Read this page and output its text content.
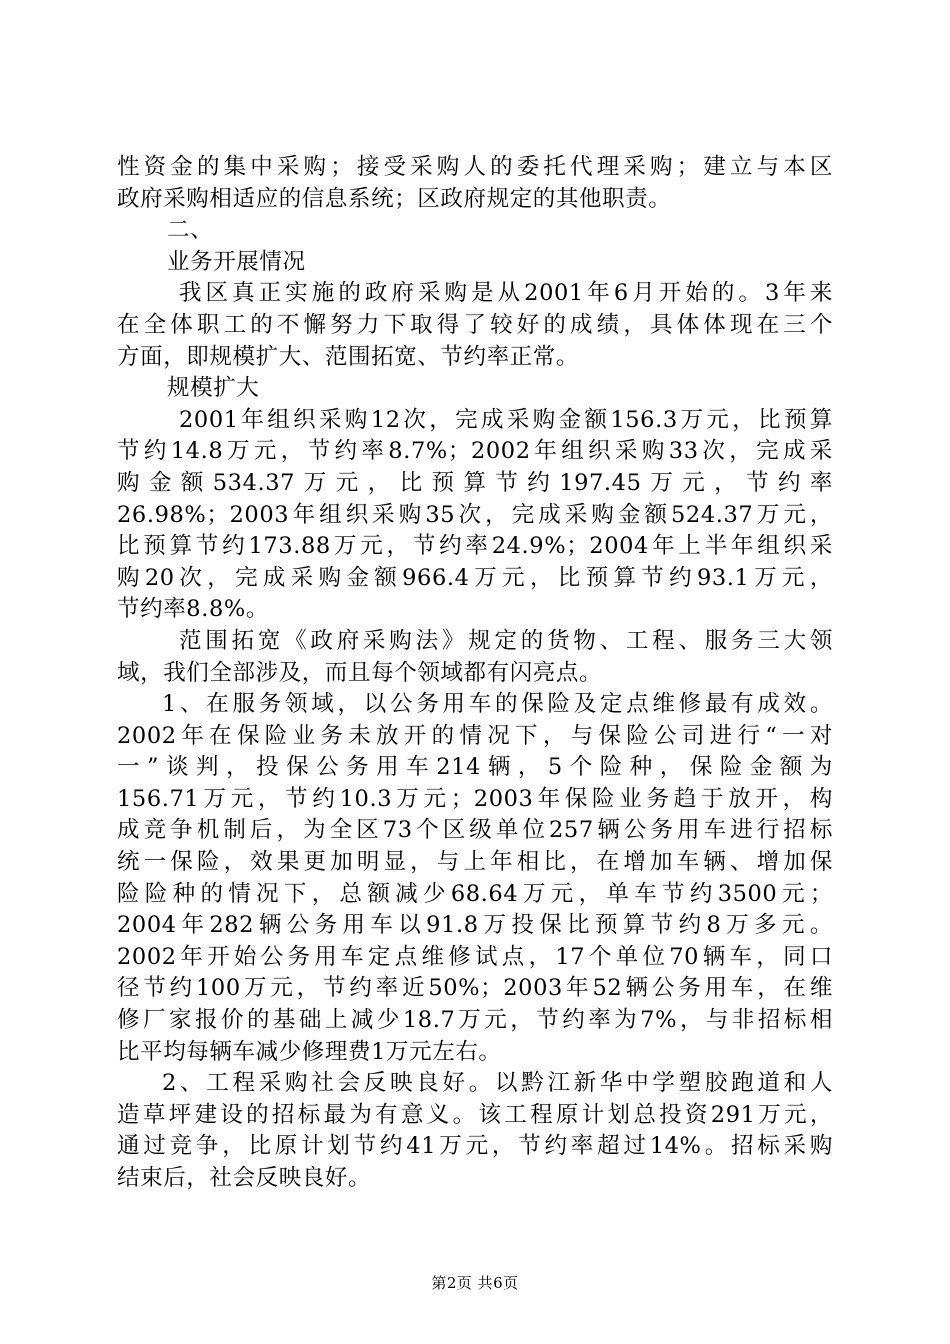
性资金的集中采购；接受采购人的委托代理采购；建立与本区
政府采购相适应的信息系统；区政府规定的其他职责。
二、
业务开展情况
我区真正实施的政府采购是从2001年6月开始的。3年来
在全体职工的不懈努力下取得了较好的成绩，具体体现在三个
方面，即规模扩大、范围拓宽、节约率正常。
规模扩大
2001年组织采购12次，完成采购金额156.3万元，比预算
节约14.8万元，节约率8.7%；2002年组织采购33次，完成采
购金额534.37万元，比预算节约197.45万元，节约率
26.98%；2003年组织采购35次，完成采购金额524.37万元，
比预算节约173.88万元，节约率24.9%；2004年上半年组织采
购20次，完成采购金额966.4万元，比预算节约93.1万元，
节约率8.8%。
范围拓宽《政府采购法》规定的货物、工程、服务三大领
域，我们全部涉及，而且每个领域都有闪亮点。
1、在服务领域，以公务用车的保险及定点维修最有成效。
2002年在保险业务未放开的情况下，与保险公司进行“一对
一”谈判，投保公务用车214辆，5个险种，保险金额为
156.71万元，节约10.3万元；2003年保险业务趋于放开，构
成竞争机制后，为全区73个区级单位257辆公务用车进行招标
统一保险，效果更加明显，与上年相比，在增加车辆、增加保
险险种的情况下，总额减少68.64万元，单车节约3500元；
2004年282辆公务用车以91.8万投保比预算节约8万多元。
2002年开始公务用车定点维修试点，17个单位70辆车，同口
径节约100万元，节约率近50%；2003年52辆公务用车，在维
修厂家报价的基础上减少18.7万元，节约率为7%，与非招标相
比平均每辆车减少修理费1万元左右。
2、工程采购社会反映良好。以黔江新华中学塑胶跑道和人
造草坪建设的招标最为有意义。该工程原计划总投资291万元，
通过竞争，比原计划节约41万元，节约率超过14%。招标采购
结束后，社会反映良好。
第2页 共6页
